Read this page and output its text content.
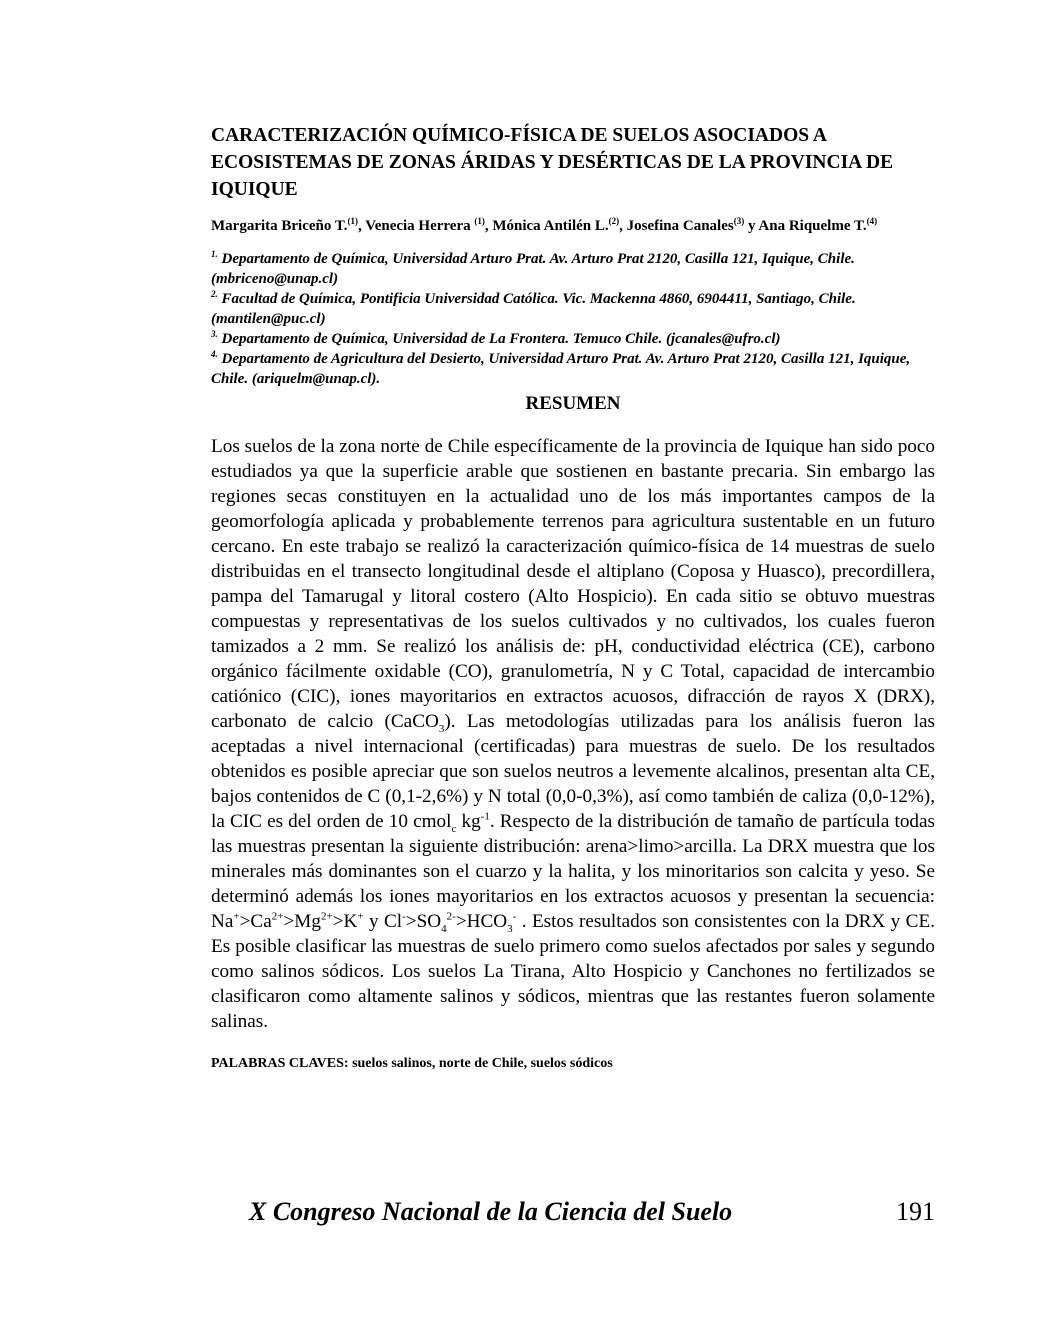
CARACTERIZACIÓN QUÍMICO-FÍSICA DE SUELOS ASOCIADOS A ECOSISTEMAS DE ZONAS ÁRIDAS Y DESÉRTICAS DE LA PROVINCIA DE IQUIQUE
Margarita Briceño T.$^{(1)}$, Venecia Herrera $^{(1)}$, Mónica Antilén L.$^{(2)}$, Josefina Canales$^{(3)}$ y Ana Riquelme T.$^{(4)}$
$^{1.}$ Departamento de Química, Universidad Arturo Prat. Av. Arturo Prat 2120, Casilla 121, Iquique, Chile. (mbriceno@unap.cl)
$^{2.}$ Facultad de Química, Pontificia Universidad Católica. Vic. Mackenna 4860, 6904411, Santiago, Chile. (mantilen@puc.cl)
$^{3.}$ Departamento de Química, Universidad de La Frontera. Temuco Chile. (jcanales@ufro.cl)
$^{4.}$ Departamento de Agricultura del Desierto, Universidad Arturo Prat. Av. Arturo Prat 2120, Casilla 121, Iquique, Chile. (ariquelm@unap.cl).
RESUMEN

Los suelos de la zona norte de Chile específicamente de la provincia de Iquique han sido poco estudiados ya que la superficie arable que sostienen en bastante precaria. Sin embargo las regiones secas constituyen en la actualidad uno de los más importantes campos de la geomorfología aplicada y probablemente terrenos para agricultura sustentable en un futuro cercano. En este trabajo se realizó la caracterización químico-física de 14 muestras de suelo distribuidas en el transecto longitudinal desde el altiplano (Coposa y Huasco), precordillera, pampa del Tamarugal y litoral costero (Alto Hospicio). En cada sitio se obtuvo muestras compuestas y representativas de los suelos cultivados y no cultivados, los cuales fueron tamizados a 2 mm. Se realizó los análisis de: pH, conductividad eléctrica (CE), carbono orgánico fácilmente oxidable (CO), granulometría, N y C Total, capacidad de intercambio catiónico (CIC), iones mayoritarios en extractos acuosos, difracción de rayos X (DRX), carbonato de calcio (CaCO$_3$). Las metodologías utilizadas para los análisis fueron las aceptadas a nivel internacional (certificadas) para muestras de suelo. De los resultados obtenidos es posible apreciar que son suelos neutros a levemente alcalinos, presentan alta CE, bajos contenidos de C (0,1-2,6%) y N total (0,0-0,3%), así como también de caliza (0,0-12%), la CIC es del orden de 10 cmol$_c$ $kg^{-1}$. Respecto de la distribución de tamaño de partícula todas las muestras presentan la siguiente distribución: arena>limo>arcilla. La DRX muestra que los minerales más dominantes son el cuarzo y la halita, y los minoritarios son calcita y yeso. Se determinó además los iones mayoritarios en los extractos acuosos y presentan la secuencia: $Na^+>Ca^{2+}>Mg^{2+}>K^+$ y $Cl^->SO_4^{2-}>HCO_3^-$ . Estos resultados son consistentes con la DRX y CE. Es posible clasificar las muestras de suelo primero como suelos afectados por sales y segundo como salinos sódicos. Los suelos La Tirana, Alto Hospicio y Canchones no fertilizados se clasificaron como altamente salinos y sódicos, mientras que las restantes fueron solamente salinas.

PALABRAS CLAVES: suelos salinos, norte de Chile, suelos sódicos
X Congreso Nacional de la Ciencia del Suelo	191
